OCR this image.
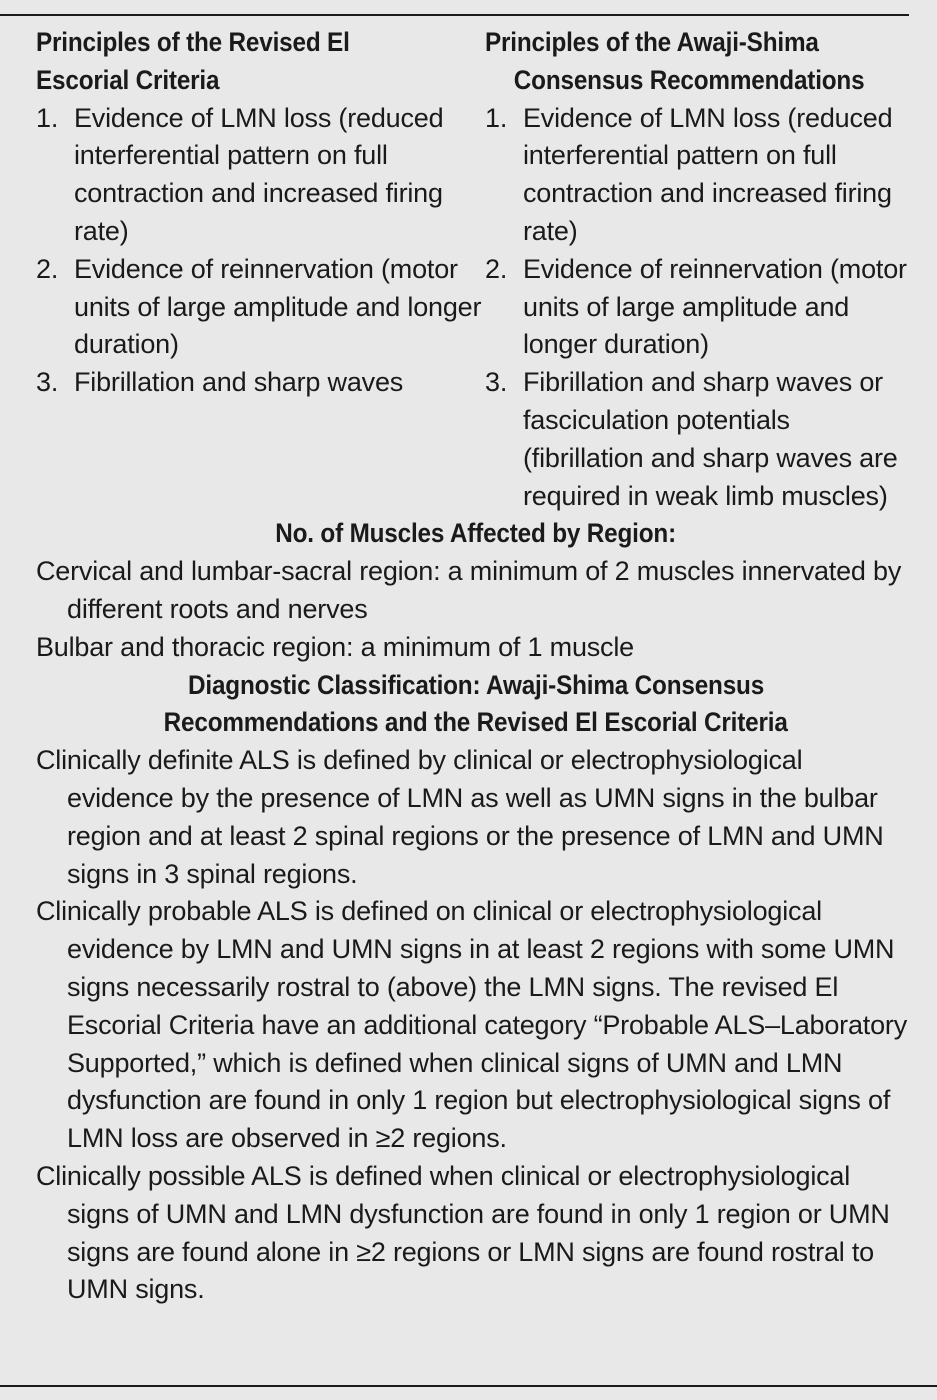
Principles of the Revised El
Escorial Criteria
1. Evidence of LMN loss (reduced interferential pattern on full contraction and increased firing rate)
2. Evidence of reinnervation (motor units of large amplitude and longer duration)
3. Fibrillation and sharp waves
Principles of the Awaji-Shima
Consensus Recommendations
1. Evidence of LMN loss (reduced interferential pattern on full contraction and increased firing rate)
2. Evidence of reinnervation (motor units of large amplitude and longer duration)
3. Fibrillation and sharp waves or fasciculation potentials (fibrillation and sharp waves are required in weak limb muscles)
No. of Muscles Affected by Region:
Cervical and lumbar-sacral region: a minimum of 2 muscles innervated by different roots and nerves
Bulbar and thoracic region: a minimum of 1 muscle
Diagnostic Classification: Awaji-Shima Consensus
Recommendations and the Revised El Escorial Criteria
Clinically definite ALS is defined by clinical or electrophysiological evidence by the presence of LMN as well as UMN signs in the bulbar region and at least 2 spinal regions or the presence of LMN and UMN signs in 3 spinal regions.
Clinically probable ALS is defined on clinical or electrophysiological evidence by LMN and UMN signs in at least 2 regions with some UMN signs necessarily rostral to (above) the LMN signs. The revised El Escorial Criteria have an additional category “Probable ALS–Laboratory Supported,” which is defined when clinical signs of UMN and LMN dysfunction are found in only 1 region but electrophysiological signs of LMN loss are observed in ≥2 regions.
Clinically possible ALS is defined when clinical or electrophysiological signs of UMN and LMN dysfunction are found in only 1 region or UMN signs are found alone in ≥2 regions or LMN signs are found rostral to UMN signs.
